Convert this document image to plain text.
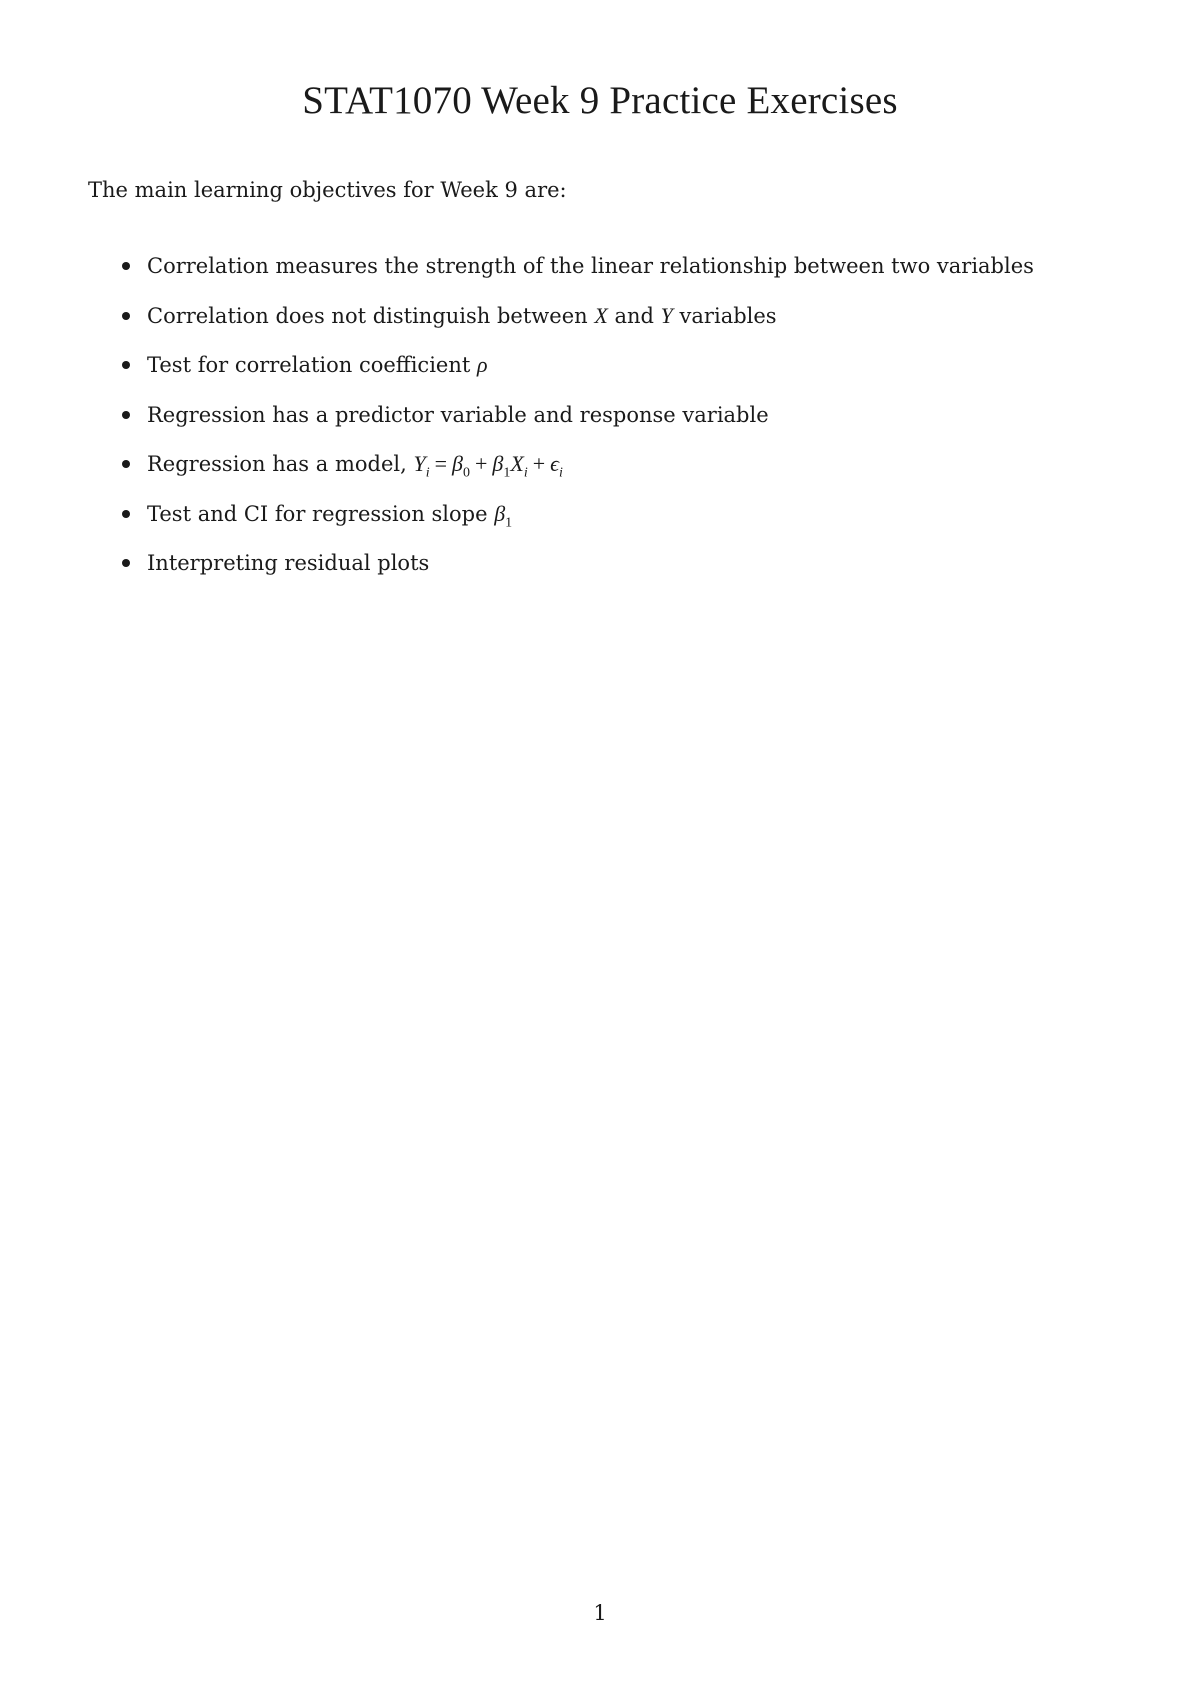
STAT1070 Week 9 Practice Exercises

The main learning objectives for Week 9 are:

Correlation measures the strength of the linear relationship between two variables
Correlation does not distinguish between X and Y variables
Test for correlation coefficient ρ
Regression has a predictor variable and response variable
Regression has a model, $Y_i = \beta_0 + \beta_1X_i + \epsilon_i$
Test and CI for regression slope $\beta_1$
Interpreting residual plots

1
